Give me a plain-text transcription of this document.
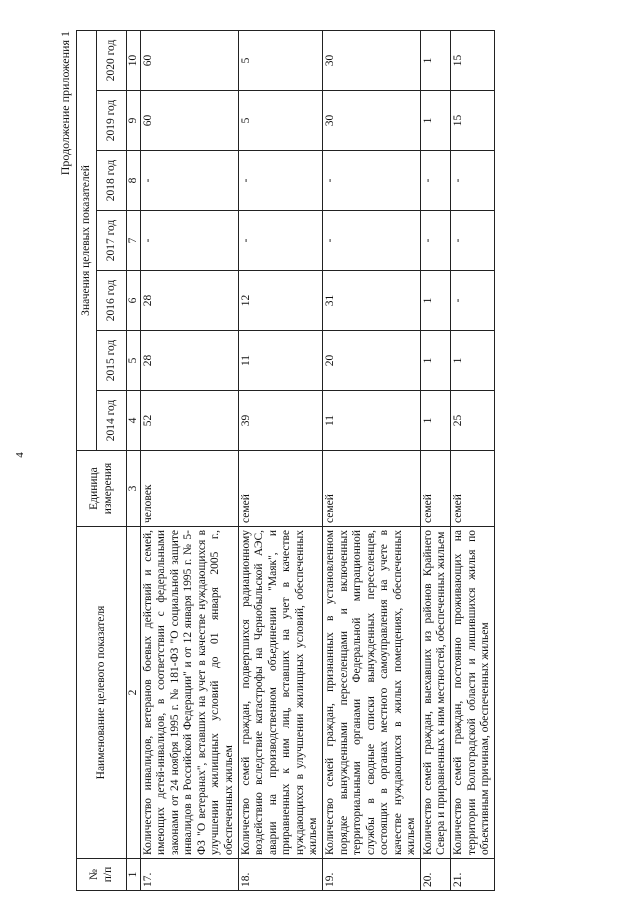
4
Продолжение приложения 1
№
п/п	Наименование целевого показателя	Единица измерения	Значения целевых показателей						
			2014 год	2015 год	2016 год	2017 год	2018 год	2019 год	2020 год
1	2	3	4	5	6	7	8	9	10
17.	Количество инвалидов, ветеранов боевых действий и семей, имеющих детей-инвалидов, в соответствии с федеральными законами от 24 ноября 1995 г. № 181-ФЗ "О социальной защите инвалидов в Российской Федерации" и от 12 января 1995 г. № 5-ФЗ "О ветеранах", вставших на учет в качестве нуждающихся в улучшении жилищных условий до 01 января 2005 г., обеспеченных жильем	человек	52	28	28	-	-	60	60
18.	Количество семей граждан, подвергшихся радиационному воздействию вследствие катастрофы на Чернобыльской АЭС, аварии на производственном объединении "Маяк", и приравненных к ним лиц, вставших на учет в качестве нуждающихся в улучшении жилищных условий, обеспеченных жильем	семей	39	11	12	-	-	5	5
19.	Количество семей граждан, признанных в установленном порядке вынужденными переселенцами и включенных территориальными органами Федеральной миграционной службы в сводные списки вынужденных переселенцев, состоящих в органах местного самоуправления на учете в качестве нуждающихся в жилых помещениях, обеспеченных жильем	семей	11	20	31	-	-	30	30
20.	Количество семей граждан, выехавших из районов Крайнего Севера и приравненных к ним местностей, обеспеченных жильем	семей	1	1	1	-	-	1	1
21.	Количество семей граждан, постоянно проживающих на территории Волгоградской области и лишившихся жилья по объективным причинам, обеспеченных жильем	семей	25	1	-	-	-	15	15
